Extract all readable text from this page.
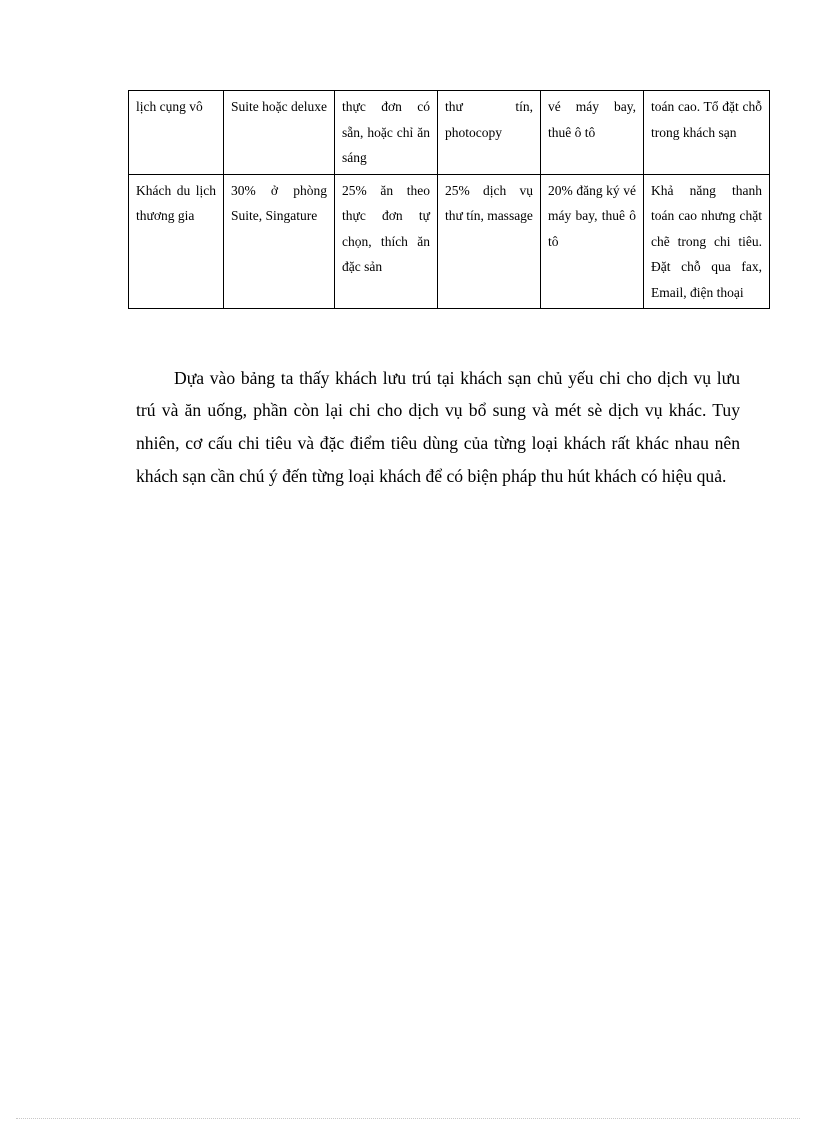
lịch cụng vô	Suite hoặc deluxe	thực đơn có sẵn, hoặc chỉ ăn sáng	thư tín, photocopy	vé máy bay, thuê ô tô	toán cao. Tổ đặt chỗ trong khách sạn
Khách du lịch thương gia	30% ở phòng Suite, Singature	25% ăn theo thực đơn tự chọn, thích ăn đặc sản	25% dịch vụ thư tín, massage	20% đăng ký vé máy bay, thuê ô tô	Khả năng thanh toán cao nhưng chặt chẽ trong chi tiêu. Đặt chỗ qua fax, Email, điện thoại

Dựa vào bảng ta thấy khách lưu trú tại khách sạn chủ yếu chi cho dịch vụ lưu trú và ăn uống, phần còn lại chi cho dịch vụ bổ sung và mét sè dịch vụ khác. Tuy nhiên, cơ cấu chi tiêu và đặc điểm tiêu dùng của từng loại khách rất khác nhau nên khách sạn cần chú ý đến từng loại khách để có biện pháp thu hút khách có hiệu quả.
